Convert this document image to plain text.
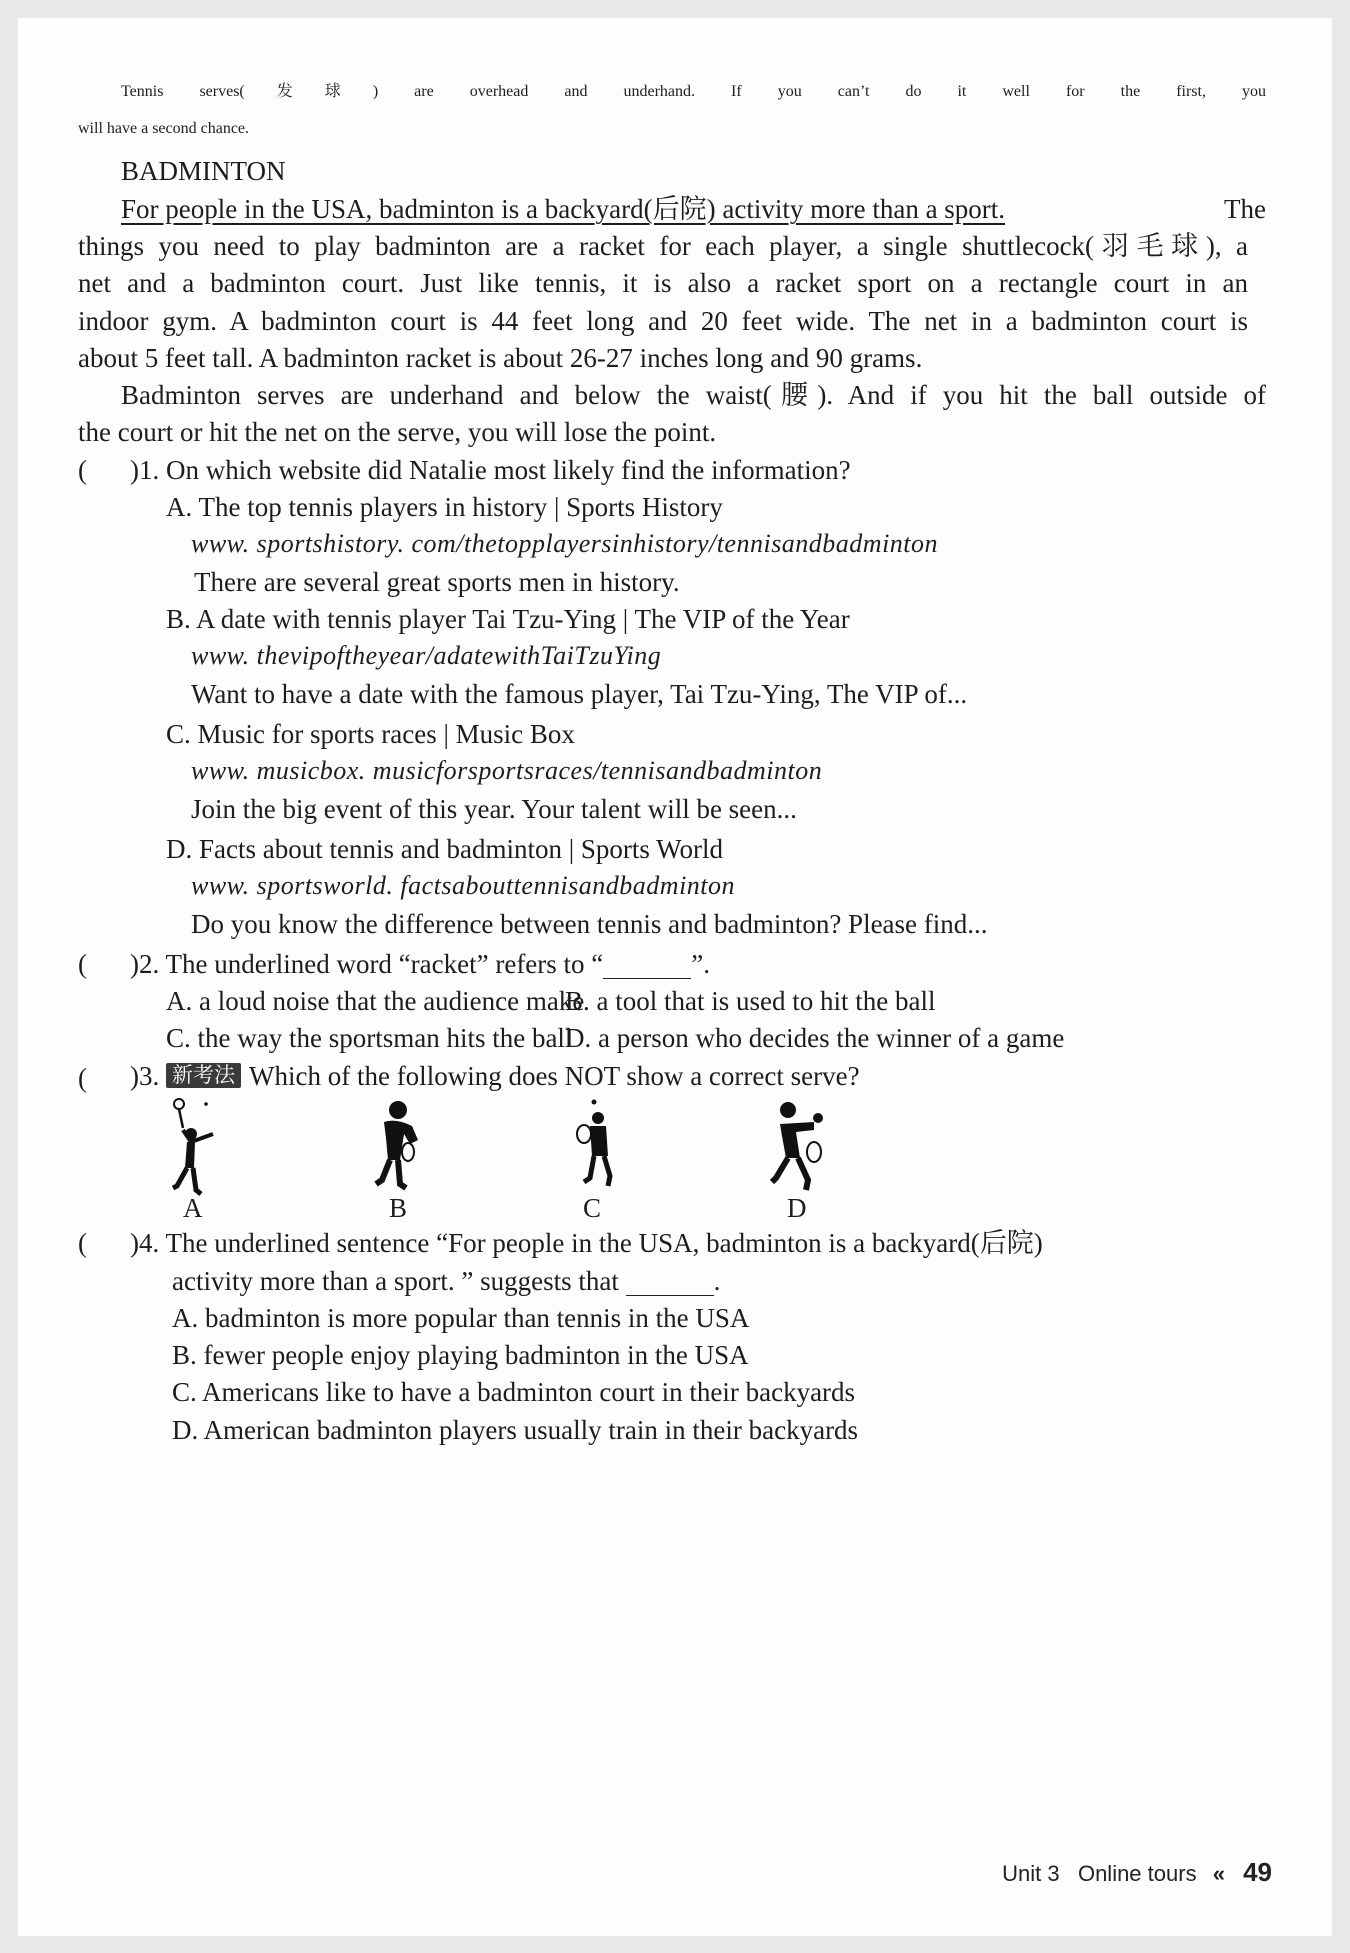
Tennis serves(发球) are overhead and underhand. If you can’t do it well for the first, you
will have a second chance.
BADMINTON
For people in the USA, badminton is a backyard(后院) activity more than a sport.	The
things you need to play badminton are a racket for each player, a single shuttlecock(羽毛球), a
net and a badminton court. Just like tennis, it is also a racket sport on a rectangle court in an
indoor gym. A badminton court is 44 feet long and 20 feet wide. The net in a badminton court is
about 5 feet tall. A badminton racket is about 26-27 inches long and 90 grams.
Badminton serves are underhand and below the waist(腰). And if you hit the ball outside of
the court or hit the net on the serve, you will lose the point.
( )1. On which website did Natalie most likely find the information?
A. The top tennis players in history | Sports History
www. sportshistory. com/thetopplayersinhistory/tennisandbadminton
There are several great sports men in history.
B. A date with tennis player Tai Tzu-Ying | The VIP of the Year
www. thevipoftheyear/adatewithTaiTzuYing
Want to have a date with the famous player, Tai Tzu-Ying, The VIP of...
C. Music for sports races | Music Box
www. musicbox. musicforsportsraces/tennisandbadminton
Join the big event of this year. Your talent will be seen...
D. Facts about tennis and badminton | Sports World
www. sportsworld. factsabouttennisandbadminton
Do you know the difference between tennis and badminton? Please find...
( )2. The underlined word “racket” refers to “	”.
A. a loud noise that the audience make
B. a tool that is used to hit the ball
C. the way the sportsman hits the ball
D. a person who decides the winner of a game
( )3. 新考法 Which of the following does NOT show a correct serve?
A	B	C	D
( )4. The underlined sentence “For people in the USA, badminton is a backyard(后院)
activity more than a sport. ” suggests that	.
A. badminton is more popular than tennis in the USA
B. fewer people enjoy playing badminton in the USA
C. Americans like to have a badminton court in their backyards
D. American badminton players usually train in their backyards
Unit 3 Online tours « 49
